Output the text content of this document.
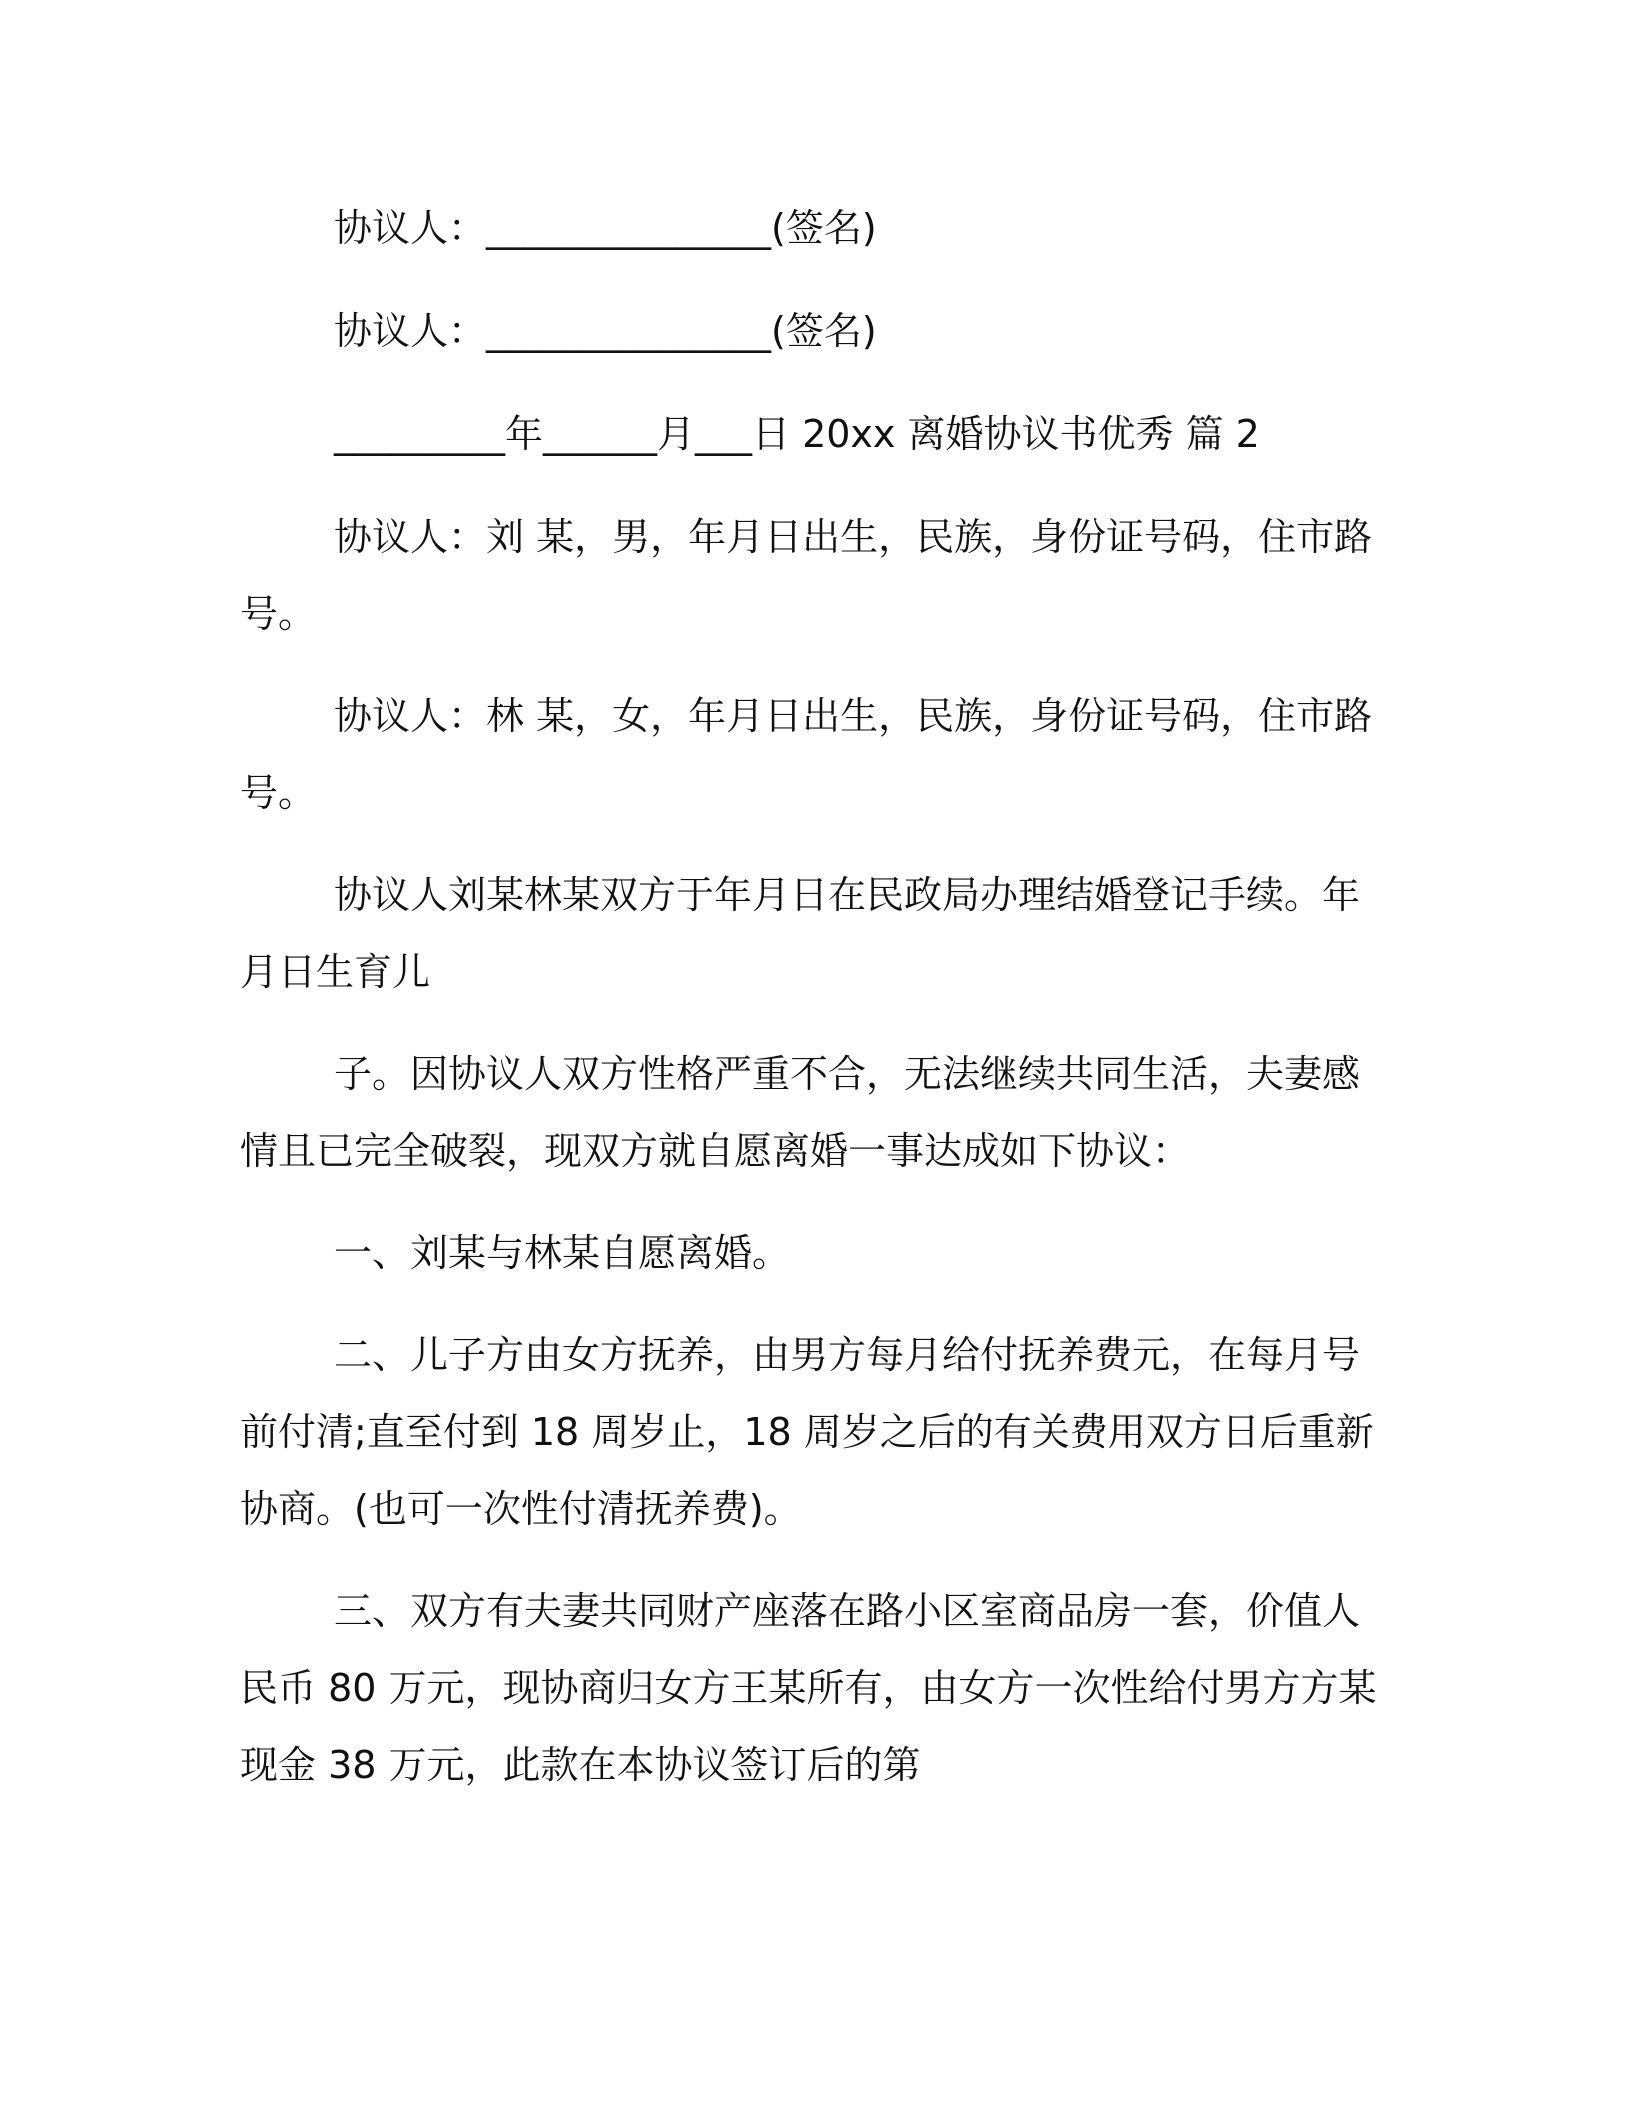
协议人：_______________(签名)

协议人：_______________(签名)

_________年______月___日 20xx 离婚协议书优秀 篇 2

协议人：刘 某，男，年月日出生，民族，身份证号码，住市路号。

协议人：林 某，女，年月日出生，民族，身份证号码，住市路号。

协议人刘某林某双方于年月日在民政局办理结婚登记手续。年月日生育儿

子。因协议人双方性格严重不合，无法继续共同生活，夫妻感情且已完全破裂，现双方就自愿离婚一事达成如下协议：

一、刘某与林某自愿离婚。

二、儿子方由女方抚养，由男方每月给付抚养费元，在每月号前付清;直至付到 18 周岁止，18 周岁之后的有关费用双方日后重新协商。(也可一次性付清抚养费)。

三、双方有夫妻共同财产座落在路小区室商品房一套，价值人民币 80 万元，现协商归女方王某所有，由女方一次性给付男方方某现金 38 万元，此款在本协议签订后的第
